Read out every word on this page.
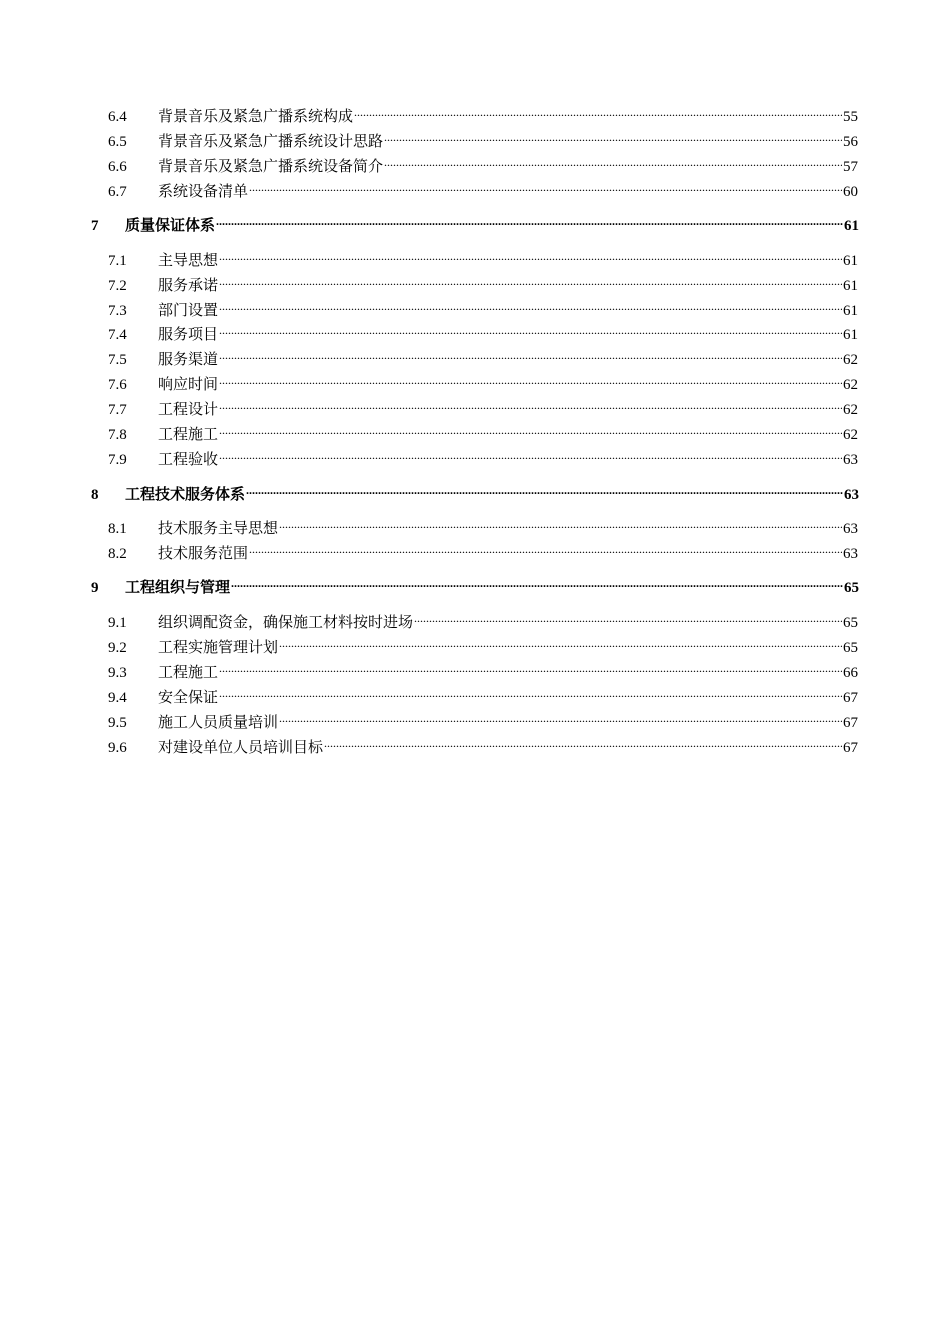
6.4	背景音乐及紧急广播系统构成 .....	55
6.5	背景音乐及紧急广播系统设计思路 .....	56
6.6	背景音乐及紧急广播系统设备简介 .....	57
6.7	系统设备清单 .....	60
7	质量保证体系 .....	61
7.1	主导思想 .....	61
7.2	服务承诺 .....	61
7.3	部门设置 .....	61
7.4	服务项目 .....	61
7.5	服务渠道 .....	62
7.6	响应时间 .....	62
7.7	工程设计 .....	62
7.8	工程施工 .....	62
7.9	工程验收 .....	63
8	工程技术服务体系 .....	63
8.1	技术服务主导思想 .....	63
8.2	技术服务范围 .....	63
9	工程组织与管理 .....	65
9.1	组织调配资金，确保施工材料按时进场 .....	65
9.2	工程实施管理计划 .....	65
9.3	工程施工 .....	66
9.4	安全保证 .....	67
9.5	施工人员质量培训 .....	67
9.6	对建设单位人员培训目标 .....	67
